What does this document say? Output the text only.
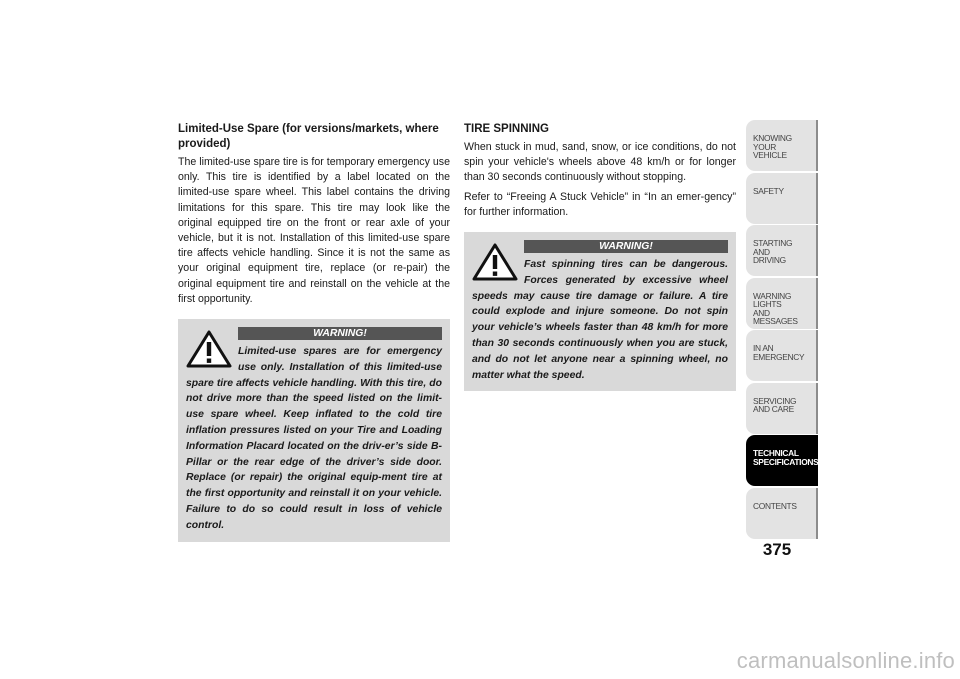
Limited-Use Spare (for versions/markets, where provided)
The limited-use spare tire is for temporary emergency use only. This tire is identified by a label located on the limited-use spare wheel. This label contains the driving limitations for this spare. This tire may look like the original equipped tire on the front or rear axle of your vehicle, but it is not. Installation of this limited-use spare tire affects vehicle handling. Since it is not the same as your original equipment tire, replace (or re-pair) the original equipment tire and reinstall on the vehicle at the first opportunity.
WARNING!
Limited-use spares are for emergency use only. Installation of this limited-use spare tire affects vehicle handling. With this tire, do not drive more than the speed listed on the limit-use spare wheel. Keep inflated to the cold tire inflation pressures listed on your Tire and Loading Information Placard located on the driv-er’s side B-Pillar or the rear edge of the driver’s side door. Replace (or repair) the original equip-ment tire at the first opportunity and reinstall it on your vehicle. Failure to do so could result in loss of vehicle control.
TIRE SPINNING
When stuck in mud, sand, snow, or ice conditions, do not spin your vehicle's wheels above 48 km/h or for longer than 30 seconds continuously without stopping.
Refer to “Freeing A Stuck Vehicle” in “In an emer-gency” for further information.
WARNING!
Fast spinning tires can be dangerous. Forces generated by excessive wheel speeds may cause tire damage or failure. A tire could explode and injure someone. Do not spin your vehicle’s wheels faster than 48 km/h for more than 30 seconds continuously when you are stuck, and do not let anyone near a spinning wheel, no matter what the speed.
KNOWING
YOUR
VEHICLE
SAFETY
STARTING
AND
DRIVING
WARNING
LIGHTS
AND
MESSAGES
IN AN
EMERGENCY
SERVICING
AND CARE
TECHNICAL
SPECIFICATIONS
CONTENTS
375
carmanualsonline.info
